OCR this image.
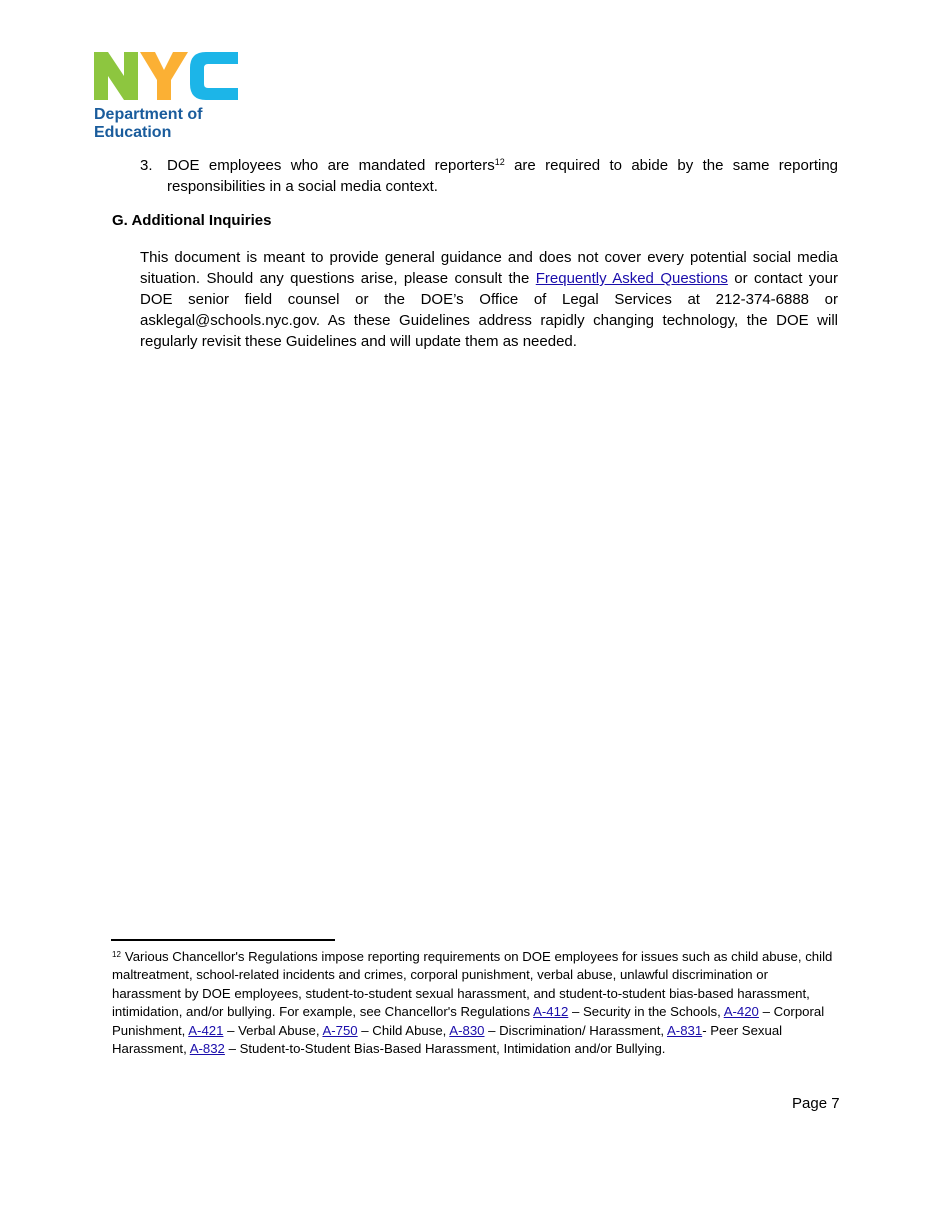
Department of
Education
3. DOE employees who are mandated reporters$^{12}$ are required to abide by the same reporting responsibilities in a social media context.
G. Additional Inquiries
This document is meant to provide general guidance and does not cover every potential social media situation. Should any questions arise, please consult the Frequently Asked Questions or contact your DOE senior field counsel or the DOE’s Office of Legal Services at 212-374-6888 or asklegal@schools.nyc.gov. As these Guidelines address rapidly changing technology, the DOE will regularly revisit these Guidelines and will update them as needed.
$^{12}$ Various Chancellor's Regulations impose reporting requirements on DOE employees for issues such as child abuse, child maltreatment, school-related incidents and crimes, corporal punishment, verbal abuse, unlawful discrimination or harassment by DOE employees, student-to-student sexual harassment, and student-to-student bias-based harassment, intimidation, and/or bullying. For example, see Chancellor's Regulations A-412 – Security in the Schools, A-420 – Corporal Punishment, A-421 – Verbal Abuse, A-750 – Child Abuse, A-830 – Discrimination/ Harassment, A-831- Peer Sexual Harassment, A-832 – Student-to-Student Bias-Based Harassment, Intimidation and/or Bullying.
Page 7
